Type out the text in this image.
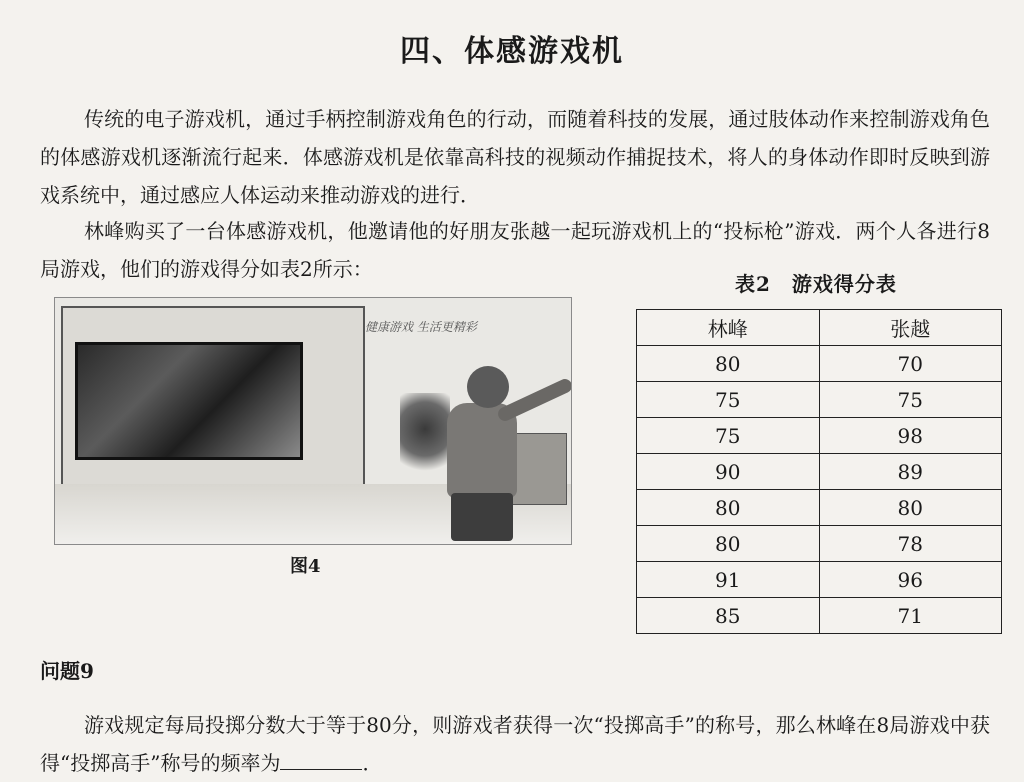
四、体感游戏机

传统的电子游戏机，通过手柄控制游戏角色的行动，而随着科技的发展，通过肢体动作来控制游戏角色的体感游戏机逐渐流行起来．体感游戏机是依靠高科技的视频动作捕捉技术，将人的身体动作即时反映到游戏系统中，通过感应人体运动来推动游戏的进行．

林峰购买了一台体感游戏机，他邀请他的好朋友张越一起玩游戏机上的“投标枪”游戏．两个人各进行8局游戏，他们的游戏得分如表2所示：

健康游戏 生活更精彩
图4
表2　游戏得分表
林峰	张越
80	70
75	75
75	98
90	89
80	80
80	78
91	96
85	71
问题9

游戏规定每局投掷分数大于等于80分，则游戏者获得一次“投掷高手”的称号，那么林峰在8局游戏中获得“投掷高手”称号的频率为	．
